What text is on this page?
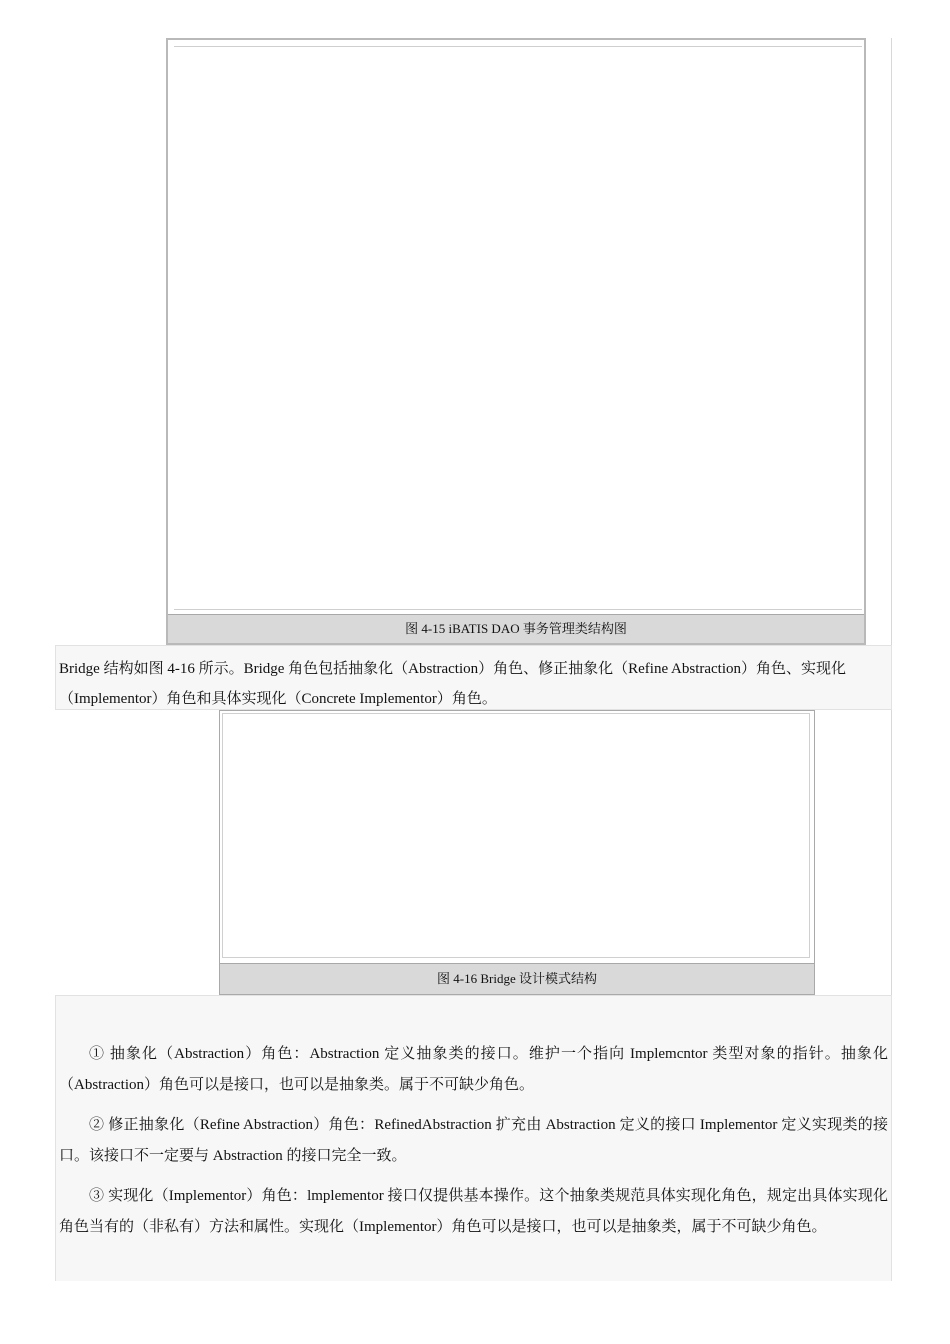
图 4-15 iBATIS DAO 事务管理类结构图
Bridge 结构如图 4-16 所示。Bridge 角色包括抽象化（Abstraction）角色、修正抽象化（Refine Abstraction）角色、实现化（Implementor）角色和具体实现化（Concrete Implementor）角色。
图 4-16 Bridge 设计模式结构

① 抽象化（Abstraction）角色：Abstraction 定义抽象类的接口。维护一个指向 Implemcntor 类型对象的指针。抽象化（Abstraction）角色可以是接口，也可以是抽象类。属于不可缺少角色。

② 修正抽象化（Refine Abstraction）角色：RefinedAbstraction 扩充由 Abstraction 定义的接口 Implementor 定义实现类的接口。该接口不一定要与 Abstraction 的接口完全一致。

③ 实现化（Implementor）角色：lmplementor 接口仅提供基本操作。这个抽象类规范具体实现化角色，规定出具体实现化角色当有的（非私有）方法和属性。实现化（Implementor）角色可以是接口，也可以是抽象类，属于不可缺少角色。
